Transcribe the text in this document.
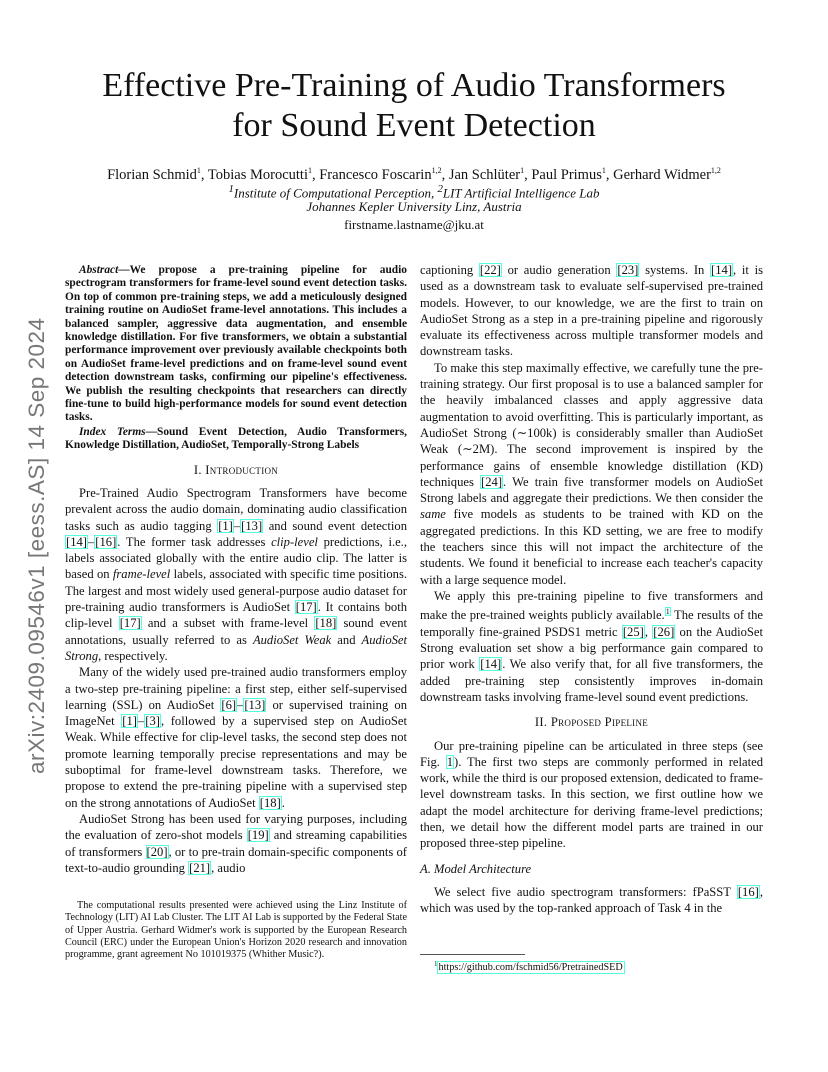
arXiv:2409.09546v1 [eess.AS] 14 Sep 2024
Effective Pre-Training of Audio Transformers
for Sound Event Detection
Florian Schmid$^1$, Tobias Morocutti$^1$, Francesco Foscarin$^{1,2}$, Jan Schlüter$^1$, Paul Primus$^1$, Gerhard Widmer$^{1,2}$
$^1$Institute of Computational Perception, $^2$LIT Artificial Intelligence Lab
Johannes Kepler University Linz, Austria
firstname.lastname@jku.at
Abstract—We propose a pre-training pipeline for audio spectrogram transformers for frame-level sound event detection tasks. On top of common pre-training steps, we add a meticulously designed training routine on AudioSet frame-level annotations. This includes a balanced sampler, aggressive data augmentation, and ensemble knowledge distillation. For five transformers, we obtain a substantial performance improvement over previously available checkpoints both on AudioSet frame-level predictions and on frame-level sound event detection downstream tasks, confirming our pipeline's effectiveness. We publish the resulting checkpoints that researchers can directly fine-tune to build high-performance models for sound event detection tasks.
Index Terms—Sound Event Detection, Audio Transformers, Knowledge Distillation, AudioSet, Temporally-Strong Labels
I. Introduction

Pre-Trained Audio Spectrogram Transformers have become prevalent across the audio domain, dominating audio classification tasks such as audio tagging [1]–[13] and sound event detection [14]–[16]. The former task addresses clip-level predictions, i.e., labels associated globally with the entire audio clip. The latter is based on frame-level labels, associated with specific time positions. The largest and most widely used general-purpose audio dataset for pre-training audio transformers is AudioSet [17]. It contains both clip-level [17] and a subset with frame-level [18] sound event annotations, usually referred to as AudioSet Weak and AudioSet Strong, respectively.

Many of the widely used pre-trained audio transformers employ a two-step pre-training pipeline: a first step, either self-supervised learning (SSL) on AudioSet [6]–[13] or supervised training on ImageNet [1]–[3], followed by a supervised step on AudioSet Weak. While effective for clip-level tasks, the second step does not promote learning temporally precise representations and may be suboptimal for frame-level downstream tasks. Therefore, we propose to extend the pre-training pipeline with a supervised step on the strong annotations of AudioSet [18].

AudioSet Strong has been used for varying purposes, including the evaluation of zero-shot models [19] and streaming capabilities of transformers [20], or to pre-train domain-specific components of text-to-audio grounding [21], audio

The computational results presented were achieved using the Linz Institute of Technology (LIT) AI Lab Cluster. The LIT AI Lab is supported by the Federal State of Upper Austria. Gerhard Widmer's work is supported by the European Research Council (ERC) under the European Union's Horizon 2020 research and innovation programme, grant agreement No 101019375 (Whither Music?).

captioning [22] or audio generation [23] systems. In [14], it is used as a downstream task to evaluate self-supervised pre-trained models. However, to our knowledge, we are the first to train on AudioSet Strong as a step in a pre-training pipeline and rigorously evaluate its effectiveness across multiple transformer models and downstream tasks.

To make this step maximally effective, we carefully tune the pre-training strategy. Our first proposal is to use a balanced sampler for the heavily imbalanced classes and apply aggressive data augmentation to avoid overfitting. This is particularly important, as AudioSet Strong (∼100k) is considerably smaller than AudioSet Weak (∼2M). The second improvement is inspired by the performance gains of ensemble knowledge distillation (KD) techniques [24]. We train five transformer models on AudioSet Strong labels and aggregate their predictions. We then consider the same five models as students to be trained with KD on the aggregated predictions. In this KD setting, we are free to modify the teachers since this will not impact the architecture of the students. We found it beneficial to increase each teacher's capacity with a large sequence model.

We apply this pre-training pipeline to five transformers and make the pre-trained weights publicly available.$^1$ The results of the temporally fine-grained PSDS1 metric [25], [26] on the AudioSet Strong evaluation set show a big performance gain compared to prior work [14]. We also verify that, for all five transformers, the added pre-training step consistently improves in-domain downstream tasks involving frame-level sound event predictions.

II. Proposed Pipeline

Our pre-training pipeline can be articulated in three steps (see Fig. 1). The first two steps are commonly performed in related work, while the third is our proposed extension, dedicated to frame-level downstream tasks. In this section, we first outline how we adapt the model architecture for deriving frame-level predictions; then, we detail how the different model parts are trained in our proposed three-step pipeline.

A. Model Architecture

We select five audio spectrogram transformers: fPaSST [16], which was used by the top-ranked approach of Task 4 in the

$^1$https://github.com/fschmid56/PretrainedSED
